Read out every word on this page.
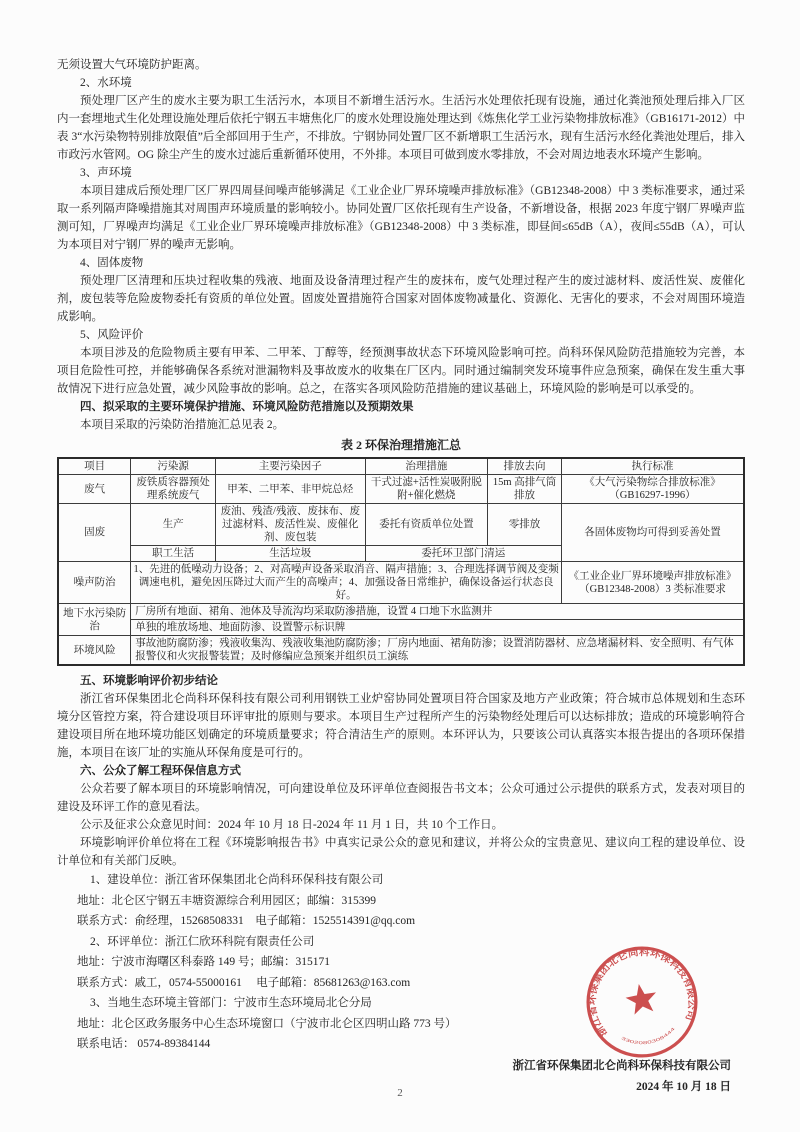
无须设置大气环境防护距离。

2、水环境

预处理厂区产生的废水主要为职工生活污水，本项目不新增生活污水。生活污水处理依托现有设施，通过化粪池预处理后排入厂区内一套埋地式生化处理设施处理后依托宁钢五丰塘焦化厂的废水处理设施处理达到《炼焦化学工业污染物排放标准》（GB16171-2012）中表 3“水污染物特别排放限值”后全部回用于生产，不排放。宁钢协同处置厂区不新增职工生活污水，现有生活污水经化粪池处理后，排入市政污水管网。OG 除尘产生的废水过滤后重新循环使用，不外排。本项目可做到废水零排放，不会对周边地表水环境产生影响。

3、声环境

本项目建成后预处理厂区厂界四周昼间噪声能够满足《工业企业厂界环境噪声排放标准》（GB12348-2008）中 3 类标准要求，通过采取一系列隔声降噪措施其对周围声环境质量的影响较小。协同处置厂区依托现有生产设备，不新增设备，根据 2023 年度宁钢厂界噪声监测可知，厂界噪声均满足《工业企业厂界环境噪声排放标准》（GB12348-2008）中 3 类标准，即昼间≤65dB（A），夜间≤55dB（A），可认为本项目对宁钢厂界的噪声无影响。

4、固体废物

预处理厂区清理和压块过程收集的残液、地面及设备清理过程产生的废抹布，废气处理过程产生的废过滤材料、废活性炭、废催化剂，废包装等危险废物委托有资质的单位处置。固废处置措施符合国家对固体废物减量化、资源化、无害化的要求，不会对周围环境造成影响。

5、风险评价

本项目涉及的危险物质主要有甲苯、二甲苯、丁醇等，经预测事故状态下环境风险影响可控。尚科环保风险防范措施较为完善，本项目危险性可控，并能够确保各系统对泄漏物料及事故废水的收集在厂区内。同时通过编制突发环境事件应急预案，确保在发生重大事故情况下进行应急处置，减少风险事故的影响。总之，在落实各项风险防范措施的建议基础上，环境风险的影响是可以承受的。

四、拟采取的主要环境保护措施、环境风险防范措施以及预期效果

本项目采取的污染防治措施汇总见表 2。

表 2 环保治理措施汇总

项目	污染源	主要污染因子	治理措施	排放去向	执行标准
废气	废铁质容器预处理系统废气	甲苯、二甲苯、非甲烷总烃	干式过滤+活性炭吸附脱附+催化燃烧	15m 高排气筒排放	《大气污染物综合排放标准》（GB16297-1996）
固废	生产	废油、残渣/残液、废抹布、废过滤材料、废活性炭、废催化剂、废包装	委托有资质单位处置	零排放	各固体废物均可得到妥善处置
	职工生活	生活垃圾	委托环卫部门清运		
噪声防治	1、先进的低噪动力设备；2、对高噪声设备采取消音、隔声措施；3、合理选择调节阀及变频调速电机，避免因压降过大而产生的高噪声；4、加强设备日常维护，确保设备运行状态良好。				《工业企业厂界环境噪声排放标准》（GB12348-2008）3 类标准要求
地下水污染防治	厂房所有地面、裙角、池体及导流沟均采取防渗措施，设置 4 口地下水监测井				
	单独的堆放场地、地面防渗、设置警示标识牌				
环境风险	事故池防腐防渗；残液收集沟、残液收集池防腐防渗；厂房内地面、裙角防渗；设置消防器材、应急堵漏材料、安全照明、有气体报警仪和火灾报警装置；及时修编应急预案并组织员工演练				

五、环境影响评价初步结论

浙江省环保集团北仑尚科环保科技有限公司利用钢铁工业炉窑协同处置项目符合国家及地方产业政策；符合城市总体规划和生态环境分区管控方案，符合建设项目环评审批的原则与要求。本项目生产过程所产生的污染物经处理后可以达标排放；造成的环境影响符合建设项目所在地环境功能区划确定的环境质量要求；符合清洁生产的原则。本环评认为，只要该公司认真落实本报告提出的各项环保措施，本项目在该厂址的实施从环保角度是可行的。

六、公众了解工程环保信息方式

公众若要了解本项目的环境影响情况，可向建设单位及环评单位查阅报告书文本；公众可通过公示提供的联系方式，发表对项目的建设及环评工作的意见看法。

公示及征求公众意见时间：2024 年 10 月 18 日-2024 年 11 月 1 日，共 10 个工作日。

环境影响评价单位将在工程《环境影响报告书》中真实记录公众的意见和建议，并将公众的宝贵意见、建议向工程的建设单位、设计单位和有关部门反映。

1、建设单位：浙江省环保集团北仑尚科环保科技有限公司

地址：北仑区宁钢五丰塘资源综合利用园区；邮编：315399

联系方式：俞经理，15268508331    电子邮箱：1525514391@qq.com

2、环评单位：浙江仁欣环科院有限责任公司

地址：宁波市海曙区科泰路 149 号；邮编：315171

联系方式：戚工，0574-55000161     电子邮箱：85681263@163.com

3、当地生态环境主管部门：宁波市生态环境局北仑分局

地址：北仑区政务服务中心生态环境窗口（宁波市北仑区四明山路 773 号）

联系电话： 0574-89384144

浙江省环保集团北仑尚科环保科技有限公司

2024 年 10 月 18 日

浙江省环保集团北仑尚科环保科技有限公司
3302080308444
2
